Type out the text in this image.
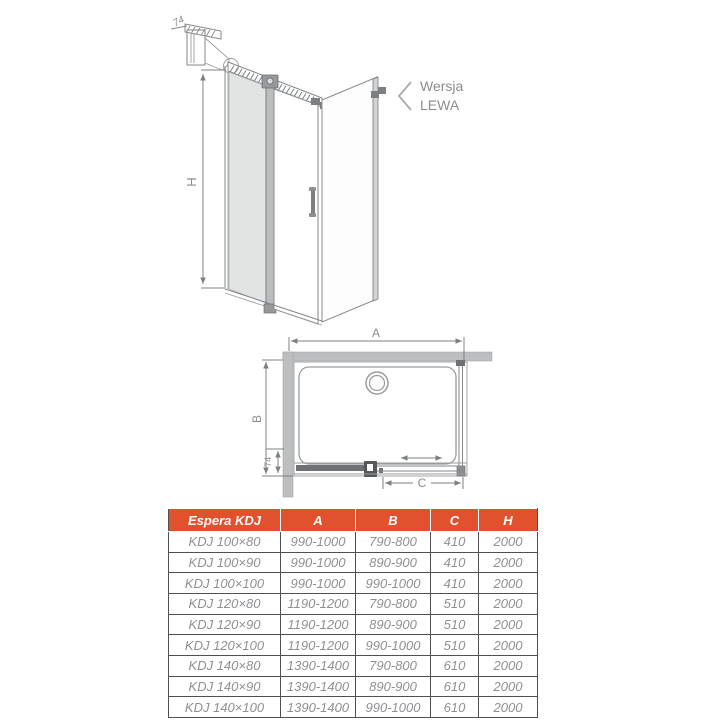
74
H
Wersja
LEWA
A
B
74
C
Espera KDJ	A	B	C	H
KDJ 100×80	990-1000	790-800	410	2000
KDJ 100×90	990-1000	890-900	410	2000
KDJ 100×100	990-1000	990-1000	410	2000
KDJ 120×80	1190-1200	790-800	510	2000
KDJ 120×90	1190-1200	890-900	510	2000
KDJ 120×100	1190-1200	990-1000	510	2000
KDJ 140×80	1390-1400	790-800	610	2000
KDJ 140×90	1390-1400	890-900	610	2000
KDJ 140×100	1390-1400	990-1000	610	2000
